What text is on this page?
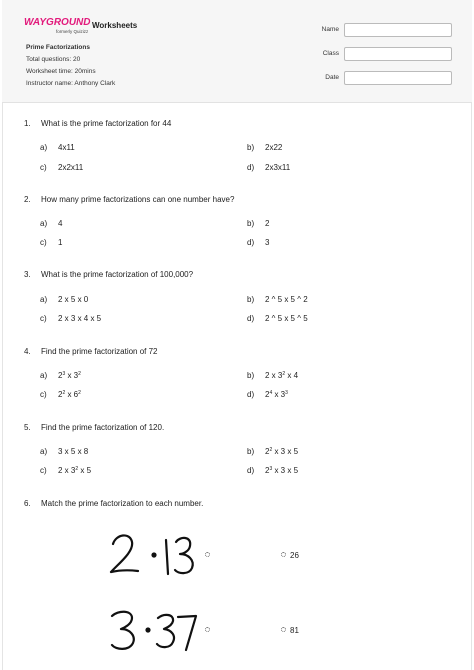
WAYGROUND
formerly Quizizz
Worksheets
Prime Factorizations
Total questions: 20
Worksheet time: 20mins
Instructor name: Anthony Clark
Name
Class
Date
1.	What is the prime factorization for 44
a) 4x11	b) 2x22
c) 2x2x11	d) 2x3x11
2.	How many prime factorizations can one number have?
a) 4	b) 2
c) 1	d) 3
3.	What is the prime factorization of 100,000?
a) 2 x 5 x 0	b) 2 ^ 5 x 5 ^ 2
c) 2 x 3 x 4 x 5	d) 2 ^ 5 x 5 ^ 5
4.	Find the prime factorization of 72
a) $2^3$ x $3^2$	b) 2 x $3^2$ x 4
c) $2^2$ x $6^2$	d) $2^4$ x $3^3$
5.	Find the prime factorization of 120.
a) 3 x 5 x 8	b) $2^2$ x 3 x 5
c) 2 x $3^2$ x 5	d) $2^3$ x 3 x 5
6.	Match the prime factorization to each number.
26
81
